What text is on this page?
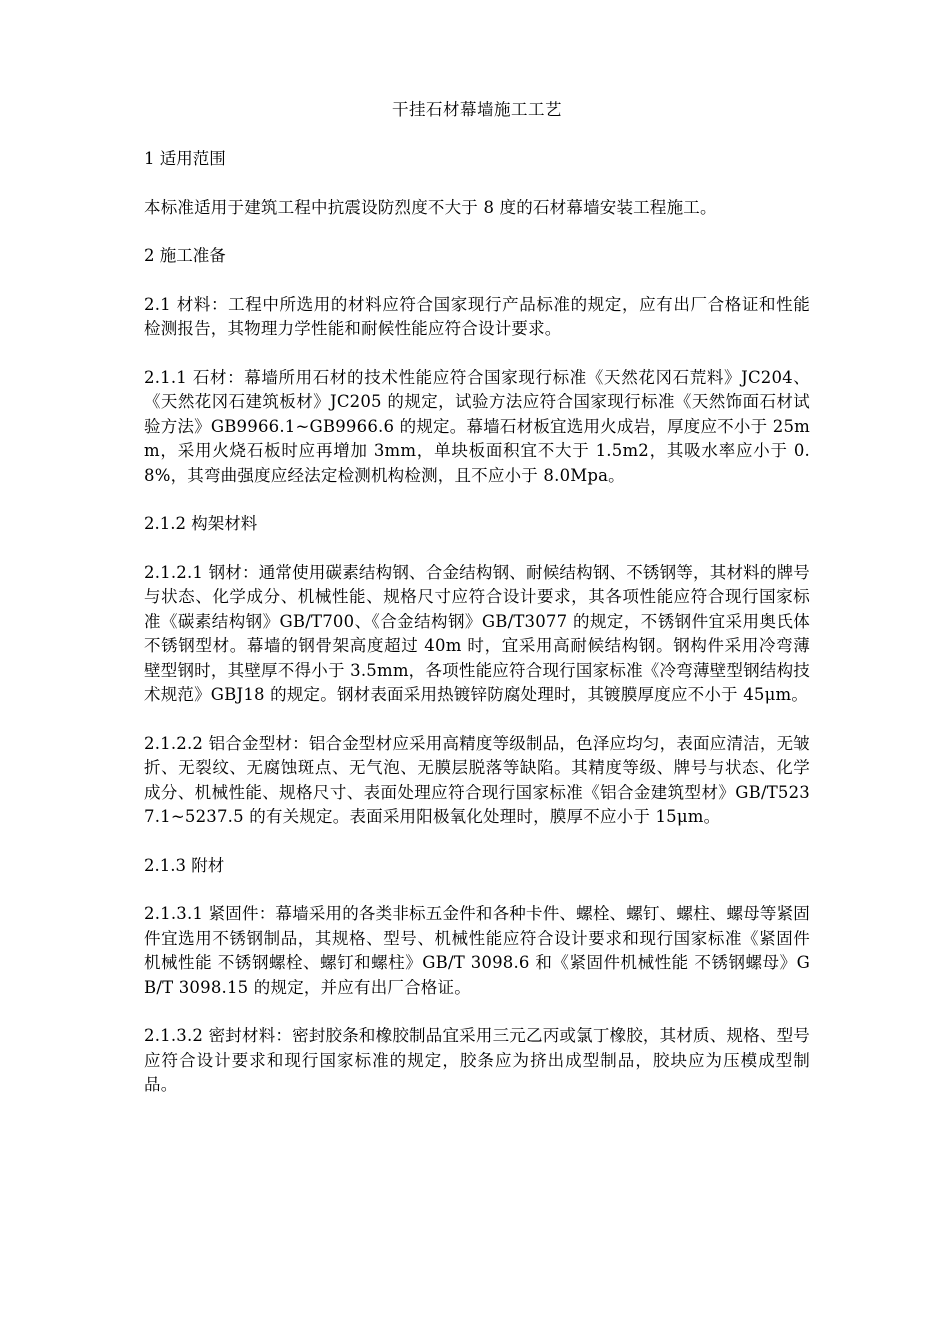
干挂石材幕墙施工工艺
1 适用范围
本标准适用于建筑工程中抗震设防烈度不大于 8 度的石材幕墙安装工程施工。
2 施工准备
2.1 材料：工程中所选用的材料应符合国家现行产品标准的规定，应有出厂合格证和性能检测报告，其物理力学性能和耐候性能应符合设计要求。
2.1.1 石材：幕墙所用石材的技术性能应符合国家现行标准《天然花冈石荒料》JC204、《天然花冈石建筑板材》JC205 的规定，试验方法应符合国家现行标准《天然饰面石材试验方法》GB9966.1~GB9966.6 的规定。幕墙石材板宜选用火成岩，厚度应不小于 25mm，采用火烧石板时应再增加 3mm，单块板面积宜不大于 1.5m2，其吸水率应小于 0.8%，其弯曲强度应经法定检测机构检测，且不应小于 8.0Mpa。
2.1.2 构架材料
2.1.2.1 钢材：通常使用碳素结构钢、合金结构钢、耐候结构钢、不锈钢等，其材料的牌号与状态、化学成分、机械性能、规格尺寸应符合设计要求，其各项性能应符合现行国家标准《碳素结构钢》GB/T700、《合金结构钢》GB/T3077 的规定，不锈钢件宜采用奥氏体不锈钢型材。幕墙的钢骨架高度超过 40m 时，宜采用高耐候结构钢。钢构件采用冷弯薄壁型钢时，其壁厚不得小于 3.5mm，各项性能应符合现行国家标准《冷弯薄壁型钢结构技术规范》GBJ18 的规定。钢材表面采用热镀锌防腐处理时，其镀膜厚度应不小于 45μm。
2.1.2.2 铝合金型材：铝合金型材应采用高精度等级制品，色泽应均匀，表面应清洁，无皱折、无裂纹、无腐蚀斑点、无气泡、无膜层脱落等缺陷。其精度等级、牌号与状态、化学成分、机械性能、规格尺寸、表面处理应符合现行国家标准《铝合金建筑型材》GB/T5237.1~5237.5 的有关规定。表面采用阳极氧化处理时，膜厚不应小于 15μm。
2.1.3 附材
2.1.3.1 紧固件：幕墙采用的各类非标五金件和各种卡件、螺栓、螺钉、螺柱、螺母等紧固件宜选用不锈钢制品，其规格、型号、机械性能应符合设计要求和现行国家标准《紧固件机械性能 不锈钢螺栓、螺钉和螺柱》GB/T 3098.6 和《紧固件机械性能 不锈钢螺母》GB/T 3098.15 的规定，并应有出厂合格证。
2.1.3.2 密封材料：密封胶条和橡胶制品宜采用三元乙丙或氯丁橡胶，其材质、规格、型号应符合设计要求和现行国家标准的规定，胶条应为挤出成型制品，胶块应为压模成型制品。
